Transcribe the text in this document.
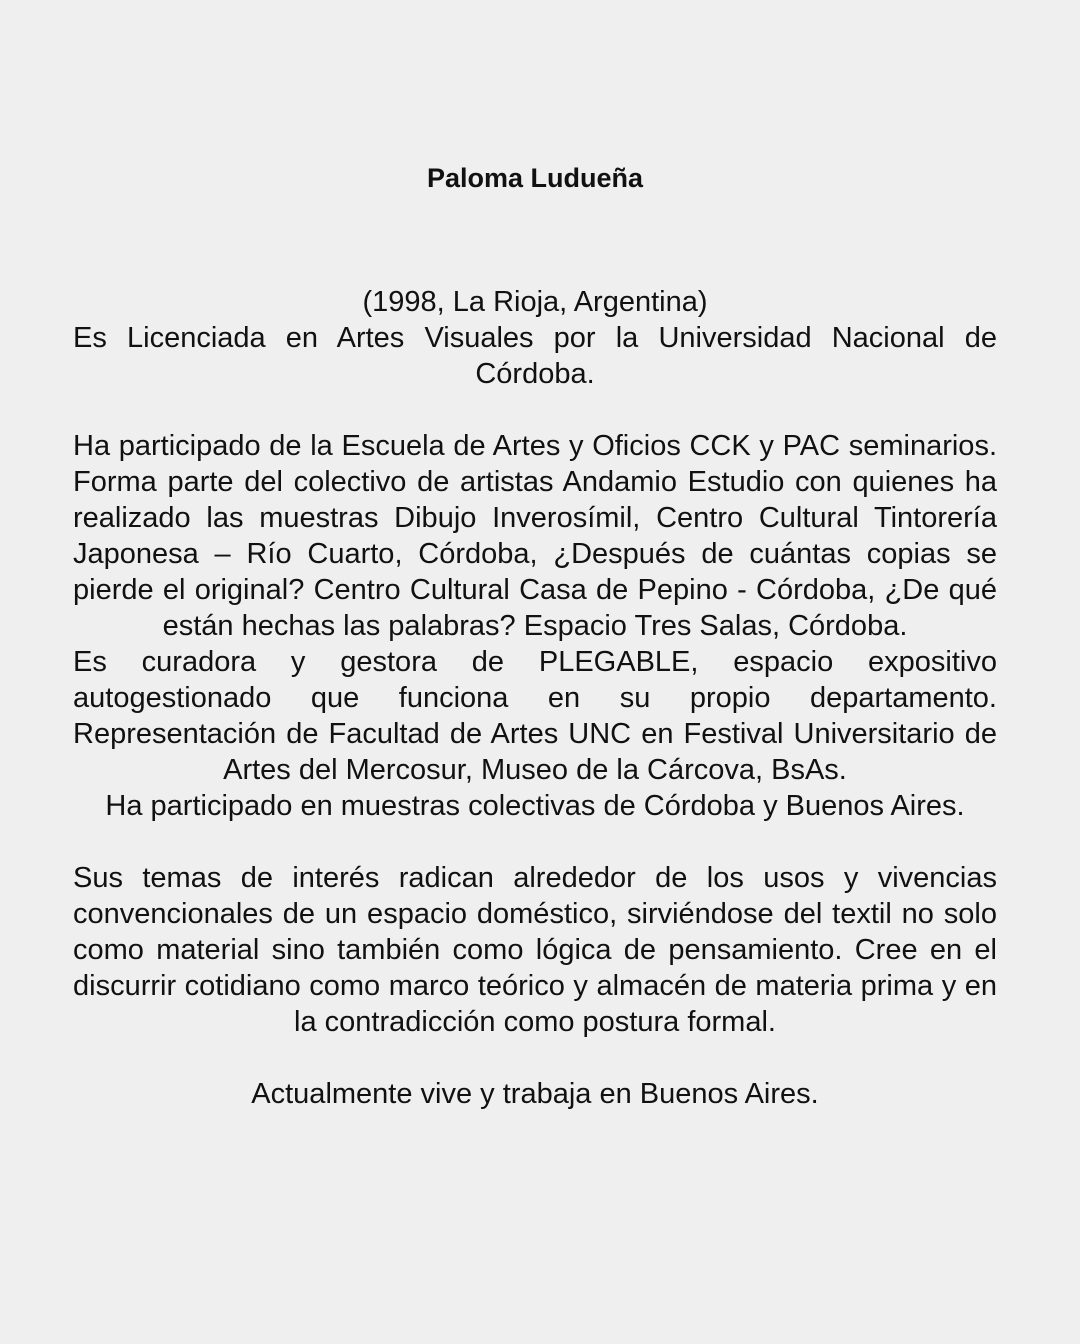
Paloma Ludueña

(1998, La Rioja, Argentina)

Es Licenciada en Artes Visuales por la Universidad Nacional de Córdoba.

Ha participado de la Escuela de Artes y Oficios CCK y PAC seminarios. Forma parte del colectivo de artistas Andamio Estudio con quienes ha realizado las muestras Dibujo Inverosímil, Centro Cultural Tintorería Japonesa – Río Cuarto, Córdoba, ¿Después de cuántas copias se pierde el original? Centro Cultural Casa de Pepino - Córdoba, ¿De qué están hechas las palabras? Espacio Tres Salas, Córdoba.

Es curadora y gestora de PLEGABLE, espacio expositivo autogestionado que funciona en su propio departamento. Representación de Facultad de Artes UNC en Festival Universitario de Artes del Mercosur, Museo de la Cárcova, BsAs.

Ha participado en muestras colectivas de Córdoba y Buenos Aires.

Sus temas de interés radican alrededor de los usos y vivencias convencionales de un espacio doméstico, sirviéndose del textil no solo como material sino también como lógica de pensamiento. Cree en el discurrir cotidiano como marco teórico y almacén de materia prima y en la contradicción como postura formal.

Actualmente vive y trabaja en Buenos Aires.
